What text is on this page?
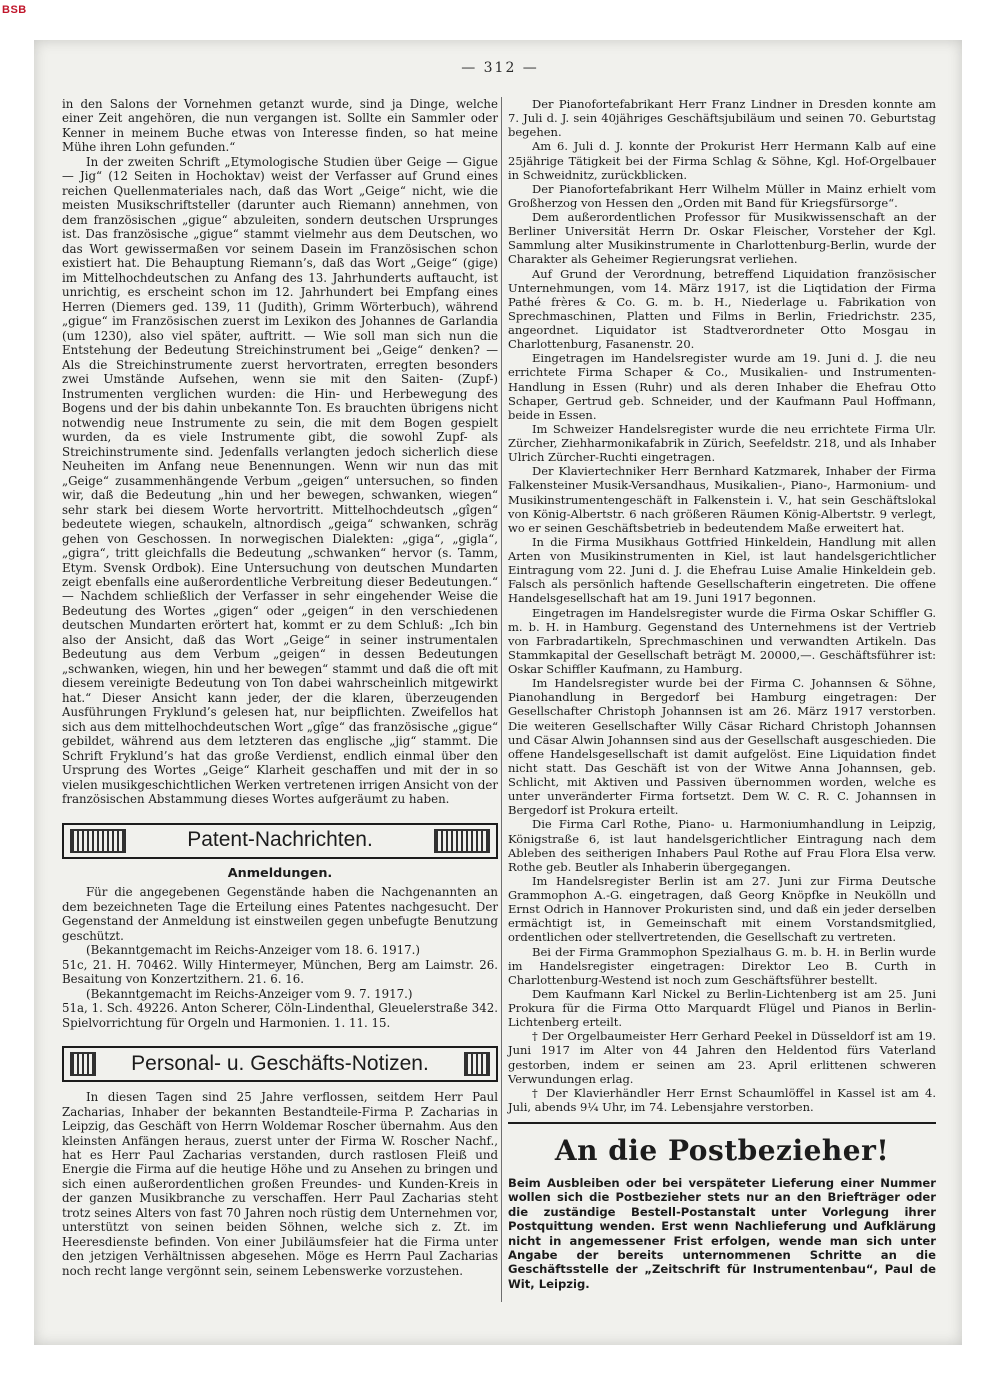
BSB
— 312 —

in den Salons der Vornehmen getanzt wurde, sind ja Dinge, welche einer Zeit angehören, die nun vergangen ist. Sollte ein Sammler oder Kenner in meinem Buche etwas von Interesse finden, so hat meine Mühe ihren Lohn gefunden.“

In der zweiten Schrift „Etymologische Studien über Geige — Gigue — Jig“ (12 Seiten in Hochoktav) weist der Verfasser auf Grund eines reichen Quellenmateriales nach, daß das Wort „Geige“ nicht, wie die meisten Musikschriftsteller (darunter auch Riemann) annehmen, von dem französischen „gigue“ abzuleiten, sondern deutschen Ursprunges ist. Das französische „gigue“ stammt vielmehr aus dem Deutschen, wo das Wort gewissermaßen vor seinem Dasein im Französischen schon existiert hat. Die Behauptung Riemann’s, daß das Wort „Geige“ (gige) im Mittelhochdeutschen zu Anfang des 13. Jahrhunderts auftaucht, ist unrichtig, es erscheint schon im 12. Jahrhundert bei Empfang eines Herren (Diemers ged. 139, 11 (Judith), Grimm Wörterbuch), während „gigue“ im Französischen zuerst im Lexikon des Johannes de Garlandia (um 1230), also viel später, auftritt. — Wie soll man sich nun die Entstehung der Bedeutung Streichinstrument bei „Geige“ denken? — Als die Streichinstrumente zuerst hervortraten, erregten besonders zwei Umstände Aufsehen, wenn sie mit den Saiten- (Zupf-) Instrumenten verglichen wurden: die Hin- und Herbewegung des Bogens und der bis dahin unbekannte Ton. Es brauchten übrigens nicht notwendig neue Instrumente zu sein, die mit dem Bogen gespielt wurden, da es viele Instrumente gibt, die sowohl Zupf- als Streichinstrumente sind. Jedenfalls verlangten jedoch sicherlich diese Neuheiten im Anfang neue Benennungen. Wenn wir nun das mit „Geige“ zusammenhängende Verbum „geigen“ untersuchen, so finden wir, daß die Bedeutung „hin und her bewegen, schwanken, wiegen“ sehr stark bei diesem Worte hervortritt. Mittelhochdeutsch „gîgen“ bedeutete wiegen, schaukeln, altnordisch „geiga“ schwanken, schräg gehen von Geschossen. In norwegischen Dialekten: „giga“, „gigla“, „gigra“, tritt gleichfalls die Bedeutung „schwanken“ hervor (s. Tamm, Etym. Svensk Ordbok). Eine Untersuchung von deutschen Mundarten zeigt ebenfalls eine außerordentliche Verbreitung dieser Bedeutungen.“ — Nachdem schließlich der Verfasser in sehr eingehender Weise die Bedeutung des Wortes „gigen“ oder „geigen“ in den verschiedenen deutschen Mundarten erörtert hat, kommt er zu dem Schluß: „Ich bin also der Ansicht, daß das Wort „Geige“ in seiner instrumentalen Bedeutung aus dem Verbum „geigen“ in dessen Bedeutungen „schwanken, wiegen, hin und her bewegen“ stammt und daß die oft mit diesem vereinigte Bedeutung von Ton dabei wahrscheinlich mitgewirkt hat.“ Dieser Ansicht kann jeder, der die klaren, überzeugenden Ausführungen Fryklund’s gelesen hat, nur beipflichten. Zweifellos hat sich aus dem mittelhochdeutschen Wort „gîge“ das französische „gigue“ gebildet, während aus dem letzteren das englische „jig“ stammt. Die Schrift Fryklund’s hat das große Verdienst, endlich einmal über den Ursprung des Wortes „Geige“ Klarheit geschaffen und mit der in so vielen musikgeschichtlichen Werken vertretenen irrigen Ansicht von der französischen Abstammung dieses Wortes aufgeräumt zu haben.

Patent-Nachrichten.
Anmeldungen.

Für die angegebenen Gegenstände haben die Nachgenannten an dem bezeichneten Tage die Erteilung eines Patentes nachgesucht. Der Gegenstand der Anmeldung ist einstweilen gegen unbefugte Benutzung geschützt.

(Bekanntgemacht im Reichs-Anzeiger vom 18. 6. 1917.)

51c, 21. H. 70462. Willy Hintermeyer, München, Berg am Laimstr. 26. Besaitung von Konzertzithern. 21. 6. 16.

(Bekanntgemacht im Reichs-Anzeiger vom 9. 7. 1917.)

51a, 1. Sch. 49226. Anton Scherer, Cöln-Lindenthal, Gleuelerstraße 342. Spielvorrichtung für Orgeln und Harmonien. 1. 11. 15.

Personal- u. Geschäfts-Notizen.

In diesen Tagen sind 25 Jahre verflossen, seitdem Herr Paul Zacharias, Inhaber der bekannten Bestandteile-Firma P. Zacharias in Leipzig, das Geschäft von Herrn Woldemar Roscher übernahm. Aus den kleinsten Anfängen heraus, zuerst unter der Firma W. Roscher Nachf., hat es Herr Paul Zacharias verstanden, durch rastlosen Fleiß und Energie die Firma auf die heutige Höhe und zu Ansehen zu bringen und sich einen außerordentlichen großen Freundes- und Kunden-Kreis in der ganzen Musikbranche zu verschaffen. Herr Paul Zacharias steht trotz seines Alters von fast 70 Jahren noch rüstig dem Unternehmen vor, unterstützt von seinen beiden Söhnen, welche sich z. Zt. im Heeresdienste befinden. Von einer Jubiläumsfeier hat die Firma unter den jetzigen Verhältnissen abgesehen. Möge es Herrn Paul Zacharias noch recht lange vergönnt sein, seinem Lebenswerke vorzustehen.

Der Pianofortefabrikant Herr Franz Lindner in Dresden konnte am 7. Juli d. J. sein 40jähriges Geschäftsjubiläum und seinen 70. Geburtstag begehen.

Am 6. Juli d. J. konnte der Prokurist Herr Hermann Kalb auf eine 25jährige Tätigkeit bei der Firma Schlag & Söhne, Kgl. Hof-Orgelbauer in Schweidnitz, zurückblicken.

Der Pianofortefabrikant Herr Wilhelm Müller in Mainz erhielt vom Großherzog von Hessen den „Orden mit Band für Kriegsfürsorge“.

Dem außerordentlichen Professor für Musikwissenschaft an der Berliner Universität Herrn Dr. Oskar Fleischer, Vorsteher der Kgl. Sammlung alter Musikinstrumente in Charlottenburg-Berlin, wurde der Charakter als Geheimer Regierungsrat verliehen.

Auf Grund der Verordnung, betreffend Liquidation französischer Unternehmungen, vom 14. März 1917, ist die Liqtidation der Firma Pathé frères & Co. G. m. b. H., Niederlage u. Fabrikation von Sprechmaschinen, Platten und Films in Berlin, Friedrichstr. 235, angeordnet. Liquidator ist Stadtverordneter Otto Mosgau in Charlottenburg, Fasanenstr. 20.

Eingetragen im Handelsregister wurde am 19. Juni d. J. die neu errichtete Firma Schaper & Co., Musikalien- und Instrumenten-Handlung in Essen (Ruhr) und als deren Inhaber die Ehefrau Otto Schaper, Gertrud geb. Schneider, und der Kaufmann Paul Hoffmann, beide in Essen.

Im Schweizer Handelsregister wurde die neu errichtete Firma Ulr. Zürcher, Ziehharmonikafabrik in Zürich, Seefeldstr. 218, und als Inhaber Ulrich Zürcher-Ruchti eingetragen.

Der Klaviertechniker Herr Bernhard Katzmarek, Inhaber der Firma Falkensteiner Musik-Versandhaus, Musikalien-, Piano-, Harmonium- und Musikinstrumentengeschäft in Falkenstein i. V., hat sein Geschäftslokal von König-Albertstr. 6 nach größeren Räumen König-Albertstr. 9 verlegt, wo er seinen Geschäftsbetrieb in bedeutendem Maße erweitert hat.

In die Firma Musikhaus Gottfried Hinkeldein, Handlung mit allen Arten von Musikinstrumenten in Kiel, ist laut handelsgerichtlicher Eintragung vom 22. Juni d. J. die Ehefrau Luise Amalie Hinkeldein geb. Falsch als persönlich haftende Gesellschafterin eingetreten. Die offene Handelsgesellschaft hat am 19. Juni 1917 begonnen.

Eingetragen im Handelsregister wurde die Firma Oskar Schiffler G. m. b. H. in Hamburg. Gegenstand des Unternehmens ist der Vertrieb von Farbradartikeln, Sprechmaschinen und verwandten Artikeln. Das Stammkapital der Gesellschaft beträgt M. 20000,—. Geschäftsführer ist: Oskar Schiffler Kaufmann, zu Hamburg.

Im Handelsregister wurde bei der Firma C. Johannsen & Söhne, Pianohandlung in Bergedorf bei Hamburg eingetragen: Der Gesellschafter Christoph Johannsen ist am 26. März 1917 verstorben. Die weiteren Gesellschafter Willy Cäsar Richard Christoph Johannsen und Cäsar Alwin Johannsen sind aus der Gesellschaft ausgeschieden. Die offene Handelsgesellschaft ist damit aufgelöst. Eine Liquidation findet nicht statt. Das Geschäft ist von der Witwe Anna Johannsen, geb. Schlicht, mit Aktiven und Passiven übernommen worden, welche es unter unveränderter Firma fortsetzt. Dem W. C. R. C. Johannsen in Bergedorf ist Prokura erteilt.

Die Firma Carl Rothe, Piano- u. Harmoniumhandlung in Leipzig, Königstraße 6, ist laut handelsgerichtlicher Eintragung nach dem Ableben des seitherigen Inhabers Paul Rothe auf Frau Flora Elsa verw. Rothe geb. Beutler als Inhaberin übergegangen.

Im Handelsregister Berlin ist am 27. Juni zur Firma Deutsche Grammophon A.-G. eingetragen, daß Georg Knöpfke in Neukölln und Ernst Odrich in Hannover Prokuristen sind, und daß ein jeder derselben ermächtigt ist, in Gemeinschaft mit einem Vorstandsmitglied, ordentlichen oder stellvertretenden, die Gesellschaft zu vertreten.

Bei der Firma Grammophon Spezialhaus G. m. b. H. in Berlin wurde im Handelsregister eingetragen: Direktor Leo B. Curth in Charlottenburg-Westend ist noch zum Geschäftsführer bestellt.

Dem Kaufmann Karl Nickel zu Berlin-Lichtenberg ist am 25. Juni Prokura für die Firma Otto Marquardt Flügel und Pianos in Berlin-Lichtenberg erteilt.

† Der Orgelbaumeister Herr Gerhard Peekel in Düsseldorf ist am 19. Juni 1917 im Alter von 44 Jahren den Heldentod fürs Vaterland gestorben, indem er seinen am 23. April erlittenen schweren Verwundungen erlag.

† Der Klavierhändler Herr Ernst Schaumlöffel in Kassel ist am 4. Juli, abends 9¼ Uhr, im 74. Lebensjahre verstorben.

An die Postbezieher!
Beim Ausbleiben oder bei verspäteter Lieferung einer Nummer wollen sich die Postbezieher stets nur an den Briefträger oder die zuständige Bestell-Postanstalt unter Vorlegung ihrer Postquittung wenden. Erst wenn Nachlieferung und Aufklärung nicht in angemessener Frist erfolgen, wende man sich unter Angabe der bereits unternommenen Schritte an die Geschäftsstelle der „Zeitschrift für Instrumentenbau“, Paul de Wit, Leipzig.
